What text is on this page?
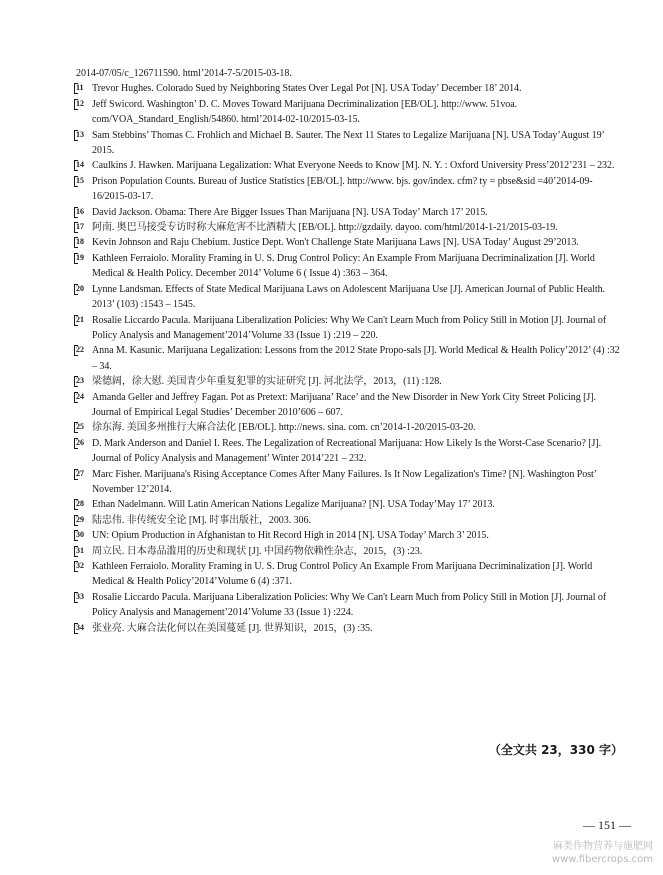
2014-07/05/c_126711590. html’2014-7-5/2015-03-18.
11 Trevor Hughes. Colorado Sued by Neighboring States Over Legal Pot [N]. USA Today’ December 18’ 2014.
12 Jeff Swicord. Washington’ D. C. Moves Toward Marijuana Decriminalization [EB/OL]. http://www. 51voa. com/VOA_Standard_English/54860. html’2014-02-10/2015-03-15.
13 Sam Stebbins’ Thomas C. Frohlich and Michael B. Sauter. The Next 11 States to Legalize Marijuana [N]. USA Today’August 19’ 2015.
14 Caulkins J. Hawken. Marijuana Legalization: What Everyone Needs to Know [M]. N. Y. : Oxford University Press’2012’231 – 232.
15 Prison Population Counts. Bureau of Justice Statistics [EB/OL]. http://www. bjs. gov/index. cfm? ty = pbse&sid =40’2014-09-16/2015-03-17.
16 David Jackson. Obama: There Are Bigger Issues Than Marijuana [N]. USA Today’ March 17’ 2015.
17 阿南. 奥巴马接受专访时称大麻危害不比酒精大 [EB/OL]. http://gzdaily. dayoo. com/html/2014-1-21/2015-03-19.
18 Kevin Johnson and Raju Chebium. Justice Dept. Won't Challenge State Marijuana Laws [N]. USA Today’ August 29’2013.
19 Kathleen Ferraiolo. Morality Framing in U. S. Drug Control Policy: An Example From Marijuana Decriminalization [J]. World Medical & Health Policy. December 2014’ Volume 6 ( Issue 4) :363 – 364.
20 Lynne Landsman. Effects of State Medical Marijuana Laws on Adolescent Marijuana Use [J]. American Journal of Public Health. 2013’ (103) :1543 – 1545.
21 Rosalie Liccardo Pacula. Marijuana Liberalization Policies: Why We Can't Learn Much from Policy Still in Motion [J]. Journal of Policy Analysis and Management’2014’Volume 33 (Issue 1) :219 – 220.
22 Anna M. Kasunic. Marijuana Legalization: Lessons from the 2012 State Propo-sals [J]. World Medical & Health Policy’2012’ (4) :32 – 34.
23 梁德阔，徐大慰. 美国青少年重复犯罪的实证研究 [J]. 河北法学，2013，(11) :128.
24 Amanda Geller and Jeffrey Fagan. Pot as Pretext: Marijuana’ Race’ and the New Disorder in New York City Street Policing [J]. Journal of Empirical Legal Studies’ December 2010’606 – 607.
25 徐东海. 美国多州推行大麻合法化 [EB/OL]. http://news. sina. com. cn’2014-1-20/2015-03-20.
26 D. Mark Anderson and Daniel I. Rees. The Legalization of Recreational Marijuana: How Likely Is the Worst-Case Scenario? [J]. Journal of Policy Analysis and Management’ Winter 2014’221 – 232.
27 Marc Fisher. Marijuana's Rising Acceptance Comes After Many Failures. Is It Now Legalization's Time? [N]. Washington Post’ November 12’2014.
28 Ethan Nadelmann. Will Latin American Nations Legalize Marijuana? [N]. USA Today’May 17’ 2013.
29 陆忠伟. 非传统安全论 [M]. 时事出版社，2003. 306.
30 UN: Opium Production in Afghanistan to Hit Record High in 2014 [N]. USA Today’ March 3’ 2015.
31 周立民. 日本毒品滥用的历史和现状 [J]. 中国药物依赖性杂志，2015，(3) :23.
32 Kathleen Ferraiolo. Morality Framing in U. S. Drug Control Policy An Example From Marijuana Decriminalization [J]. World Medical & Health Policy’2014’Volume 6 (4) :371.
33 Rosalie Liccardo Pacula. Marijuana Liberalization Policies: Why We Can't Learn Much from Policy Still in Motion [J]. Journal of Policy Analysis and Management’2014’Volume 33 (Issue 1) :224.
34 张业亮. 大麻合法化何以在美国蔓延 [J]. 世界知识，2015，(3) :35.
（全文共 23，330 字）
— 151 —
麻类作物营养与施肥网
www.fibercrops.com
